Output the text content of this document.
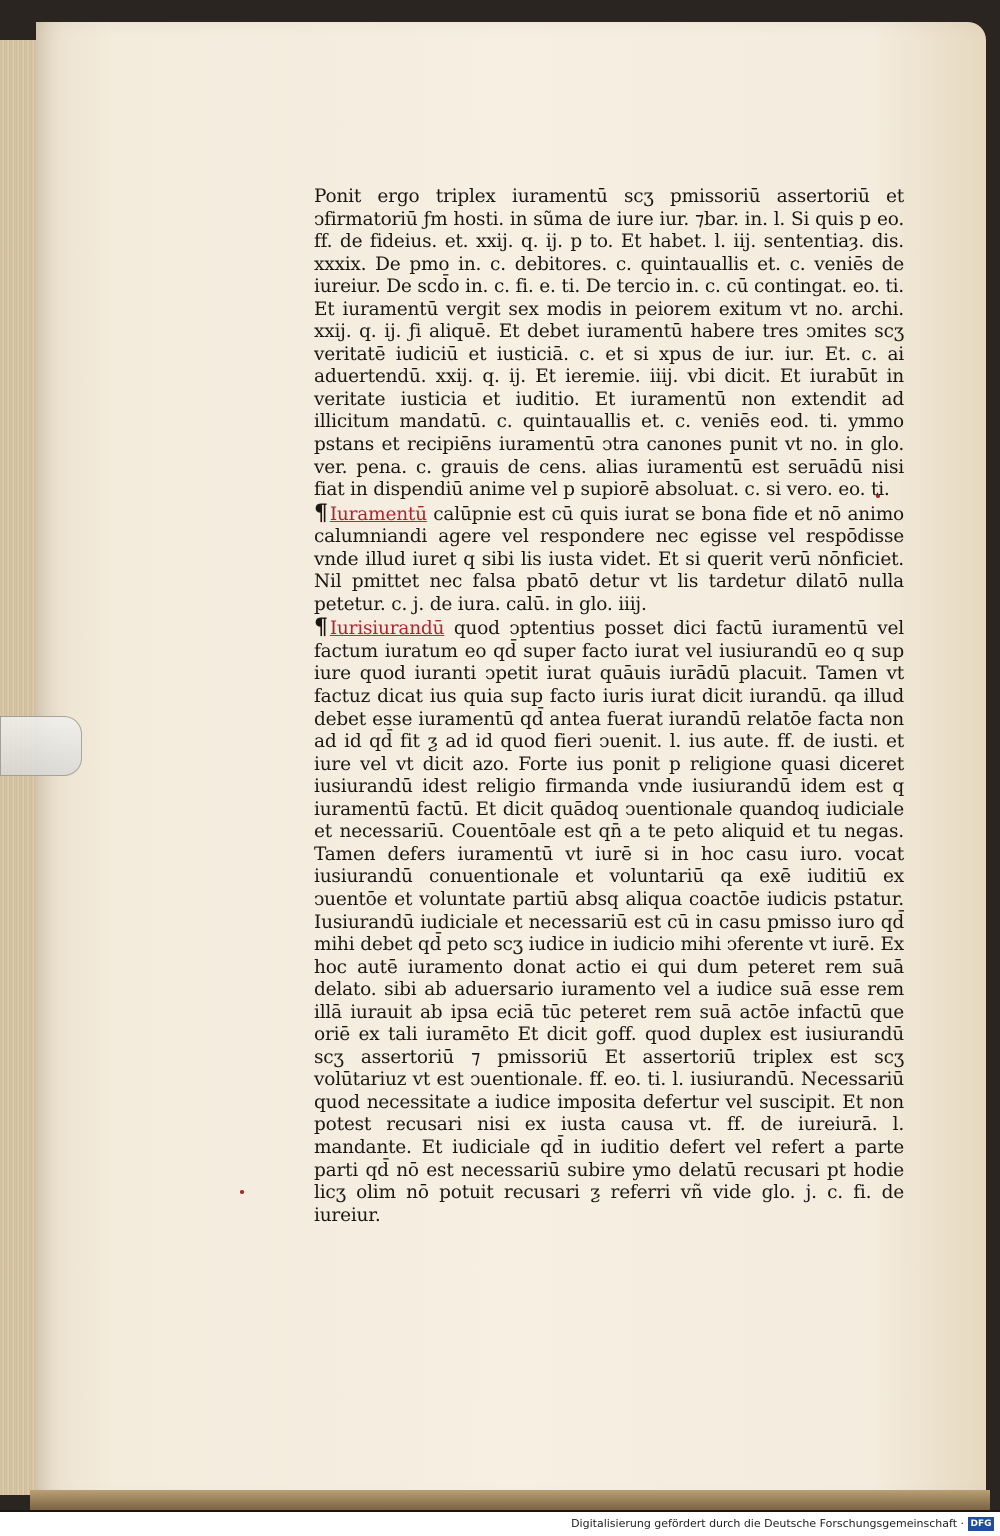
Ponit ergo triplex iuramentū scʒ pmissoriū assertoriū et ↄfirmatoriū ƒm hosti. in sũma de iure iur. ⁊bar. in. l. Si quis p eo. ff. de fideius. et. xxij. q. ij. p to. Et habet. l. iij. sententiaȝ. dis. xxxix. De pmo in. c. debitores. c. quintauallis et. c. veniēs de iureiur. De scd̄o in. c. fi. e. ti. De tercio in. c. cū contingat. eo. ti. Et iuramentū vergit sex modis in peiorem exitum vt no. archi. xxij. q. ij. ƒi aliquē. Et debet iuramentū habere tres ↄmites scʒ veritatē iudiciū et iusticiā. c. et si xpus de iur. iur. Et. c. ai aduertendū. xxij. q. ij. Et ieremie. iiij. vbi dicit. Et iurabūt in veritate iusticia et iuditio. Et iuramentū non extendit ad illicitum mandatū. c. quintauallis et. c. veniēs eod. ti. ymmo pstans et recipiēns iuramentū ↄtra canones punit vt no. in glo. ver. pena. c. grauis de cens. alias iuramentū est seruādū nisi fiat in dispendiū anime vel p supiorē absoluat. c. si vero. eo. ti.

¶ Iuramentū calūpnie est cū quis iurat se bona fide et nō animo calumniandi agere vel respondere nec egisse vel respōdisse vnde illud iuret q sibi lis iusta videt. Et si querit verū nōnficiet. Nil pmittet nec falsa pbatō detur vt lis tardetur dilatō nulla petetur. c. j. de iura. calū. in glo. iiij.

¶ Iurisiurandū quod ↄptentius posset dici factū iuramentū vel factum iuratum eo qd̄ super facto iurat vel iusiurandū eo q sup iure quod iuranti ↄpetit iurat quāuis iurādū placuit. Tamen vt factuz dicat ius quia sup facto iuris iurat dicit iurandū. qa illud debet esse iuramentū qd̄ antea fuerat iurandū relatōe facta non ad id qd̄ fit ƺ ad id quod fieri ↄuenit. l. ius aute. ff. de iusti. et iure vel vt dicit azo. Forte ius ponit p religione quasi diceret iusiurandū idest religio firmanda vnde iusiurandū idem est q iuramentū factū. Et dicit quādoq ↄuentionale quandoq iudiciale et necessariū. Couentōale est qn̄ a te peto aliquid et tu negas. Tamen defers iuramentū vt iurē si in hoc casu iuro. vocat iusiurandū conuentionale et voluntariū qa exē iuditiū ex ↄuentōe et voluntate partiū absq aliqua coactōe iudicis pstatur. Iusiurandū iudiciale et necessariū est cū in casu pmisso iuro qd̄ mihi debet qd̄ peto scʒ iudice in iudicio mihi ↄferente vt iurē. Ex hoc autē iuramento donat actio ei qui dum peteret rem suā delato. sibi ab aduersario iuramento vel a iudice suā esse rem illā iurauit ab ipsa eciā tūc peteret rem suā actōe infactū que oriē ex tali iuramēto Et dicit goff. quod duplex est iusiurandū scʒ assertoriū ⁊ pmissoriū Et assertoriū triplex est scʒ volūtariuz vt est ↄuentionale. ff. eo. ti. l. iusiurandū. Necessariū quod necessitate a iudice imposita defertur vel suscipit. Et non potest recusari nisi ex iusta causa vt. ff. de iureiurā. l. mandante. Et iudiciale qd̄ in iuditio defert vel refert a parte parti qd̄ nō est necessariū subire ymo delatū recusari pt hodie licʒ olim nō potuit recusari ƺ referri vñ vide glo. j. c. fi. de iureiur.

Digitalisierung gefördert durch die Deutsche Forschungsgemeinschaft · DFG
